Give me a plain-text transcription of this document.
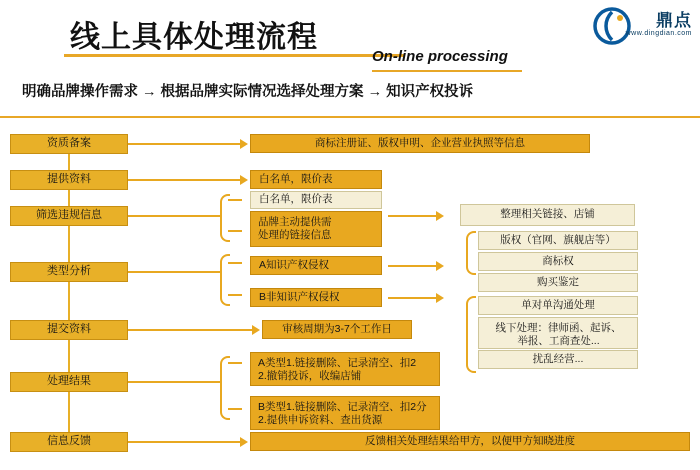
线上具体处理流程
On-line processing
鼎点
www.dingdian.com
明确品牌操作需求 → 根据品牌实际情况选择处理方案 → 知识产权投诉
资质备案
提供资料
筛选违规信息
类型分析
提交资料
处理结果
信息反馈
商标注册证、版权申明、企业营业执照等信息
白名单，限价表
白名单，限价表
品牌主动提供需
处理的链接信息
A知识产权侵权
B非知识产权侵权
审核周期为3-7个工作日
A类型1.链接删除、记录清空、扣2
2.撤销投诉，收编店铺
B类型1.链接删除、记录清空、扣2分
2.提供申诉资料、查出货源
反馈相关处理结果给甲方，以便甲方知晓进度
整理相关链接、店铺
版权（官网、旗舰店等）
商标权
购买鉴定
单对单沟通处理
线下处理：律师函、起诉、
举报、工商查处...
扰乱经营...
